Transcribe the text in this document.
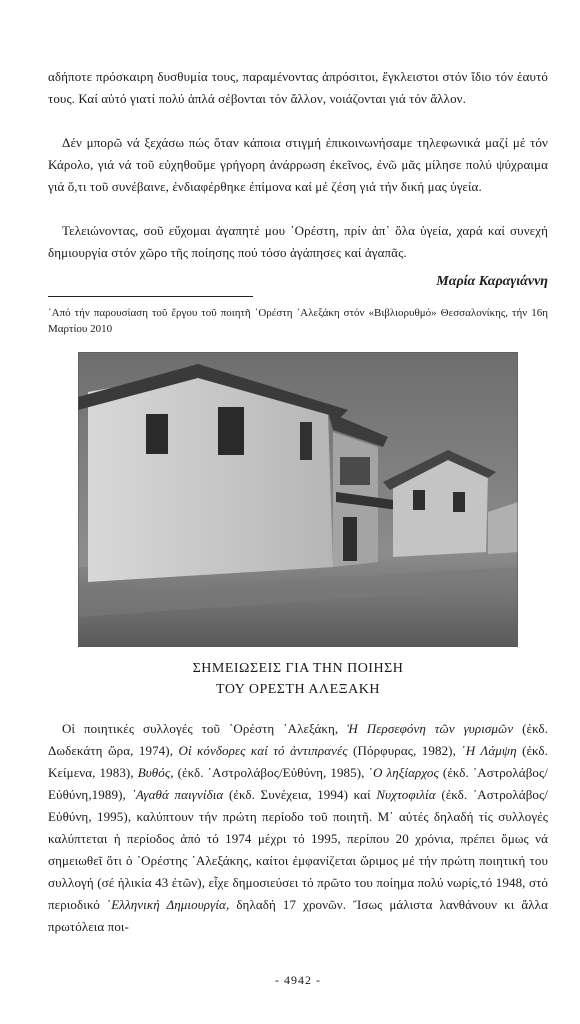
αδήποτε πρόσκαιρη δυσθυμία τους, παραμένοντας ἀπρόσιτοι, ἔγκλειστοι στόν ἴδιο τόν ἑαυτό τους. Καί αὐτό γιατί πολύ ἁπλά σέβονται τόν ἄλλον, νοιάζονται γιά τόν ἄλλον.

Δέν μπορῶ νά ξεχάσω πώς ὅταν κάποια στιγμή ἐπικοινωνήσαμε τηλεφωνικά μαζί μέ τόν Κάρολο, γιά νά τοῦ εὐχηθοῦμε γρήγορη ἀνάρρωση ἐκεῖνος, ἐνῶ μᾶς μίλησε πολύ ψύχραιμα γιά ὅ,τι τοῦ συνέβαινε, ἐνδιαφέρθηκε ἐπίμονα καί μέ ζέση γιά τήν δική μας ὑγεία.

Τελειώνοντας, σοῦ εὔχομαι ἀγαπητέ μου ᾿Ορέστη, πρίν ἀπ᾿ ὅλα ὑγεία, χαρά καί συνεχή δημιουργία στόν χῶρο τῆς ποίησης πού τόσο ἀγάπησες καί ἀγαπᾶς.

Μαρία Καραγιάννη
᾿Από τήν παρουσίαση τοῦ ἔργου τοῦ ποιητῆ ᾿Ορέστη ᾿Αλεξάκη στόν «Βιβλιορυθμό» Θεσσαλονίκης, τήν 16η Μαρτίου 2010
ΣΗΜΕΙΩΣΕΙΣ ΓΙΑ ΤΗΝ ΠΟΙΗΣΗ
ΤΟΥ ΟΡΕΣΤΗ ΑΛΕΞΑΚΗ

Οἱ ποιητικές συλλογές τοῦ ᾿Ορέστη ᾿Αλεξάκη, Ἡ Περσεφόνη τῶν γυρισμῶν (ἐκδ. Δωδεκάτη ὥρα, 1974), Οἱ κόνδορες καί τό ἀντιπρανές (Πόρφυρας, 1982), ῾Η Λάμψη (ἐκδ. Κείμενα, 1983), Βυθός, (ἐκδ. ᾿Αστρολάβος/Εὐθύνη, 1985), ῾Ο ληξίαρχος (ἐκδ. ᾿Αστρολάβος/Εὐθύνη,1989), ᾿Αγαθά παιγνίδια (ἐκδ. Συνέχεια, 1994) καί Νυχτοφιλία (ἐκδ. ᾿Αστρολάβος/Εὐθύνη, 1995), καλύπτουν τήν πρώτη περίοδο τοῦ ποιητῆ. Μ᾿ αὐτές δηλαδή τίς συλλογές καλύπτεται ἡ περίοδος ἀπό τό 1974 μέχρι τό 1995, περίπου 20 χρόνια, πρέπει ὅμως νά σημειωθεῖ ὅτι ὁ ᾿Ορέστης ᾿Αλεξάκης, καίτοι ἐμφανίζεται ὥριμος μέ τήν πρώτη ποιητική του συλλογή (σέ ἡλικία 43 ἐτῶν), εἶχε δημοσιεύσει τό πρῶτο του ποίημα πολύ νωρίς,τό 1948, στό περιοδικό ῾Ελληνική Δημιουργία, δηλαδή 17 χρονῶν. Ἴσως μάλιστα λανθάνουν κι ἄλλα πρωτόλεια ποι-

- 4942 -
